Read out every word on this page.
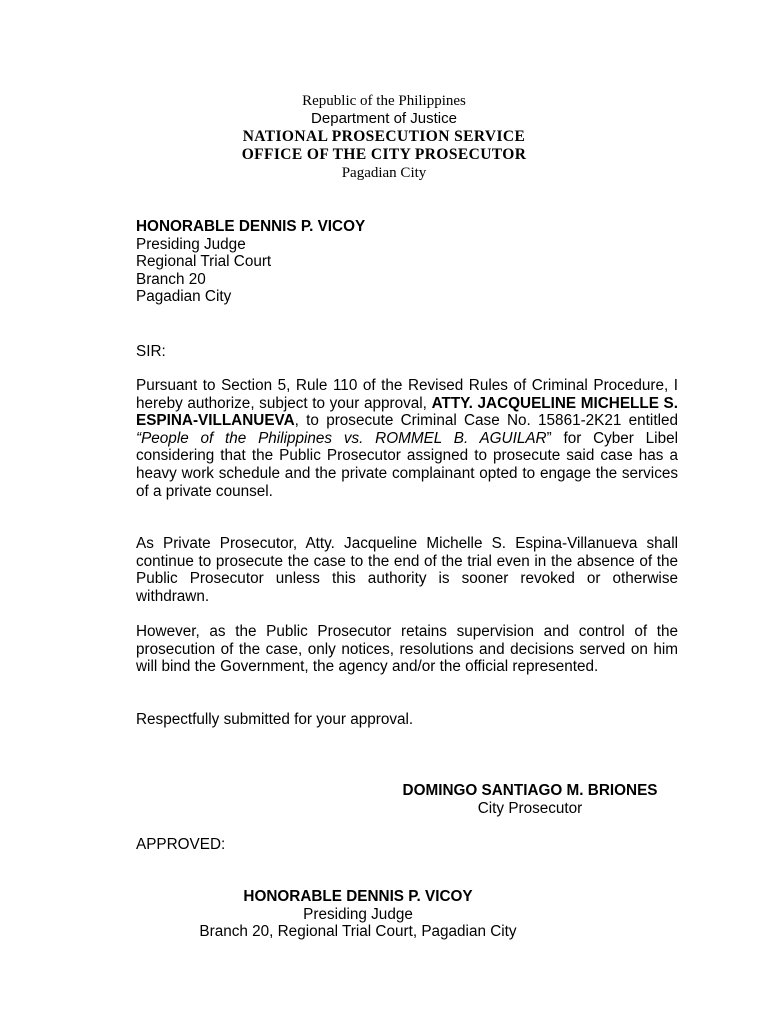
Republic of the Philippines
Department of Justice
NATIONAL PROSECUTION SERVICE
OFFICE OF THE CITY PROSECUTOR
Pagadian City
HONORABLE DENNIS P. VICOY
Presiding Judge
Regional Trial Court
Branch 20
Pagadian City
SIR:

Pursuant to Section 5, Rule 110 of the Revised Rules of Criminal Procedure, I hereby authorize, subject to your approval, ATTY. JACQUELINE MICHELLE S. ESPINA-VILLANUEVA, to prosecute Criminal Case No. 15861-2K21 entitled “People of the Philippines vs. ROMMEL B. AGUILAR” for Cyber Libel considering that the Public Prosecutor assigned to prosecute said case has a heavy work schedule and the private complainant opted to engage the services of a private counsel.

As Private Prosecutor, Atty. Jacqueline Michelle S. Espina-Villanueva shall continue to prosecute the case to the end of the trial even in the absence of the Public Prosecutor unless this authority is sooner revoked or otherwise withdrawn.

However, as the Public Prosecutor retains supervision and control of the prosecution of the case, only notices, resolutions and decisions served on him will bind the Government, the agency and/or the official represented.

Respectfully submitted for your approval.

DOMINGO SANTIAGO M. BRIONES
City Prosecutor
APPROVED:
HONORABLE DENNIS P. VICOY
Presiding Judge
Branch 20, Regional Trial Court, Pagadian City
